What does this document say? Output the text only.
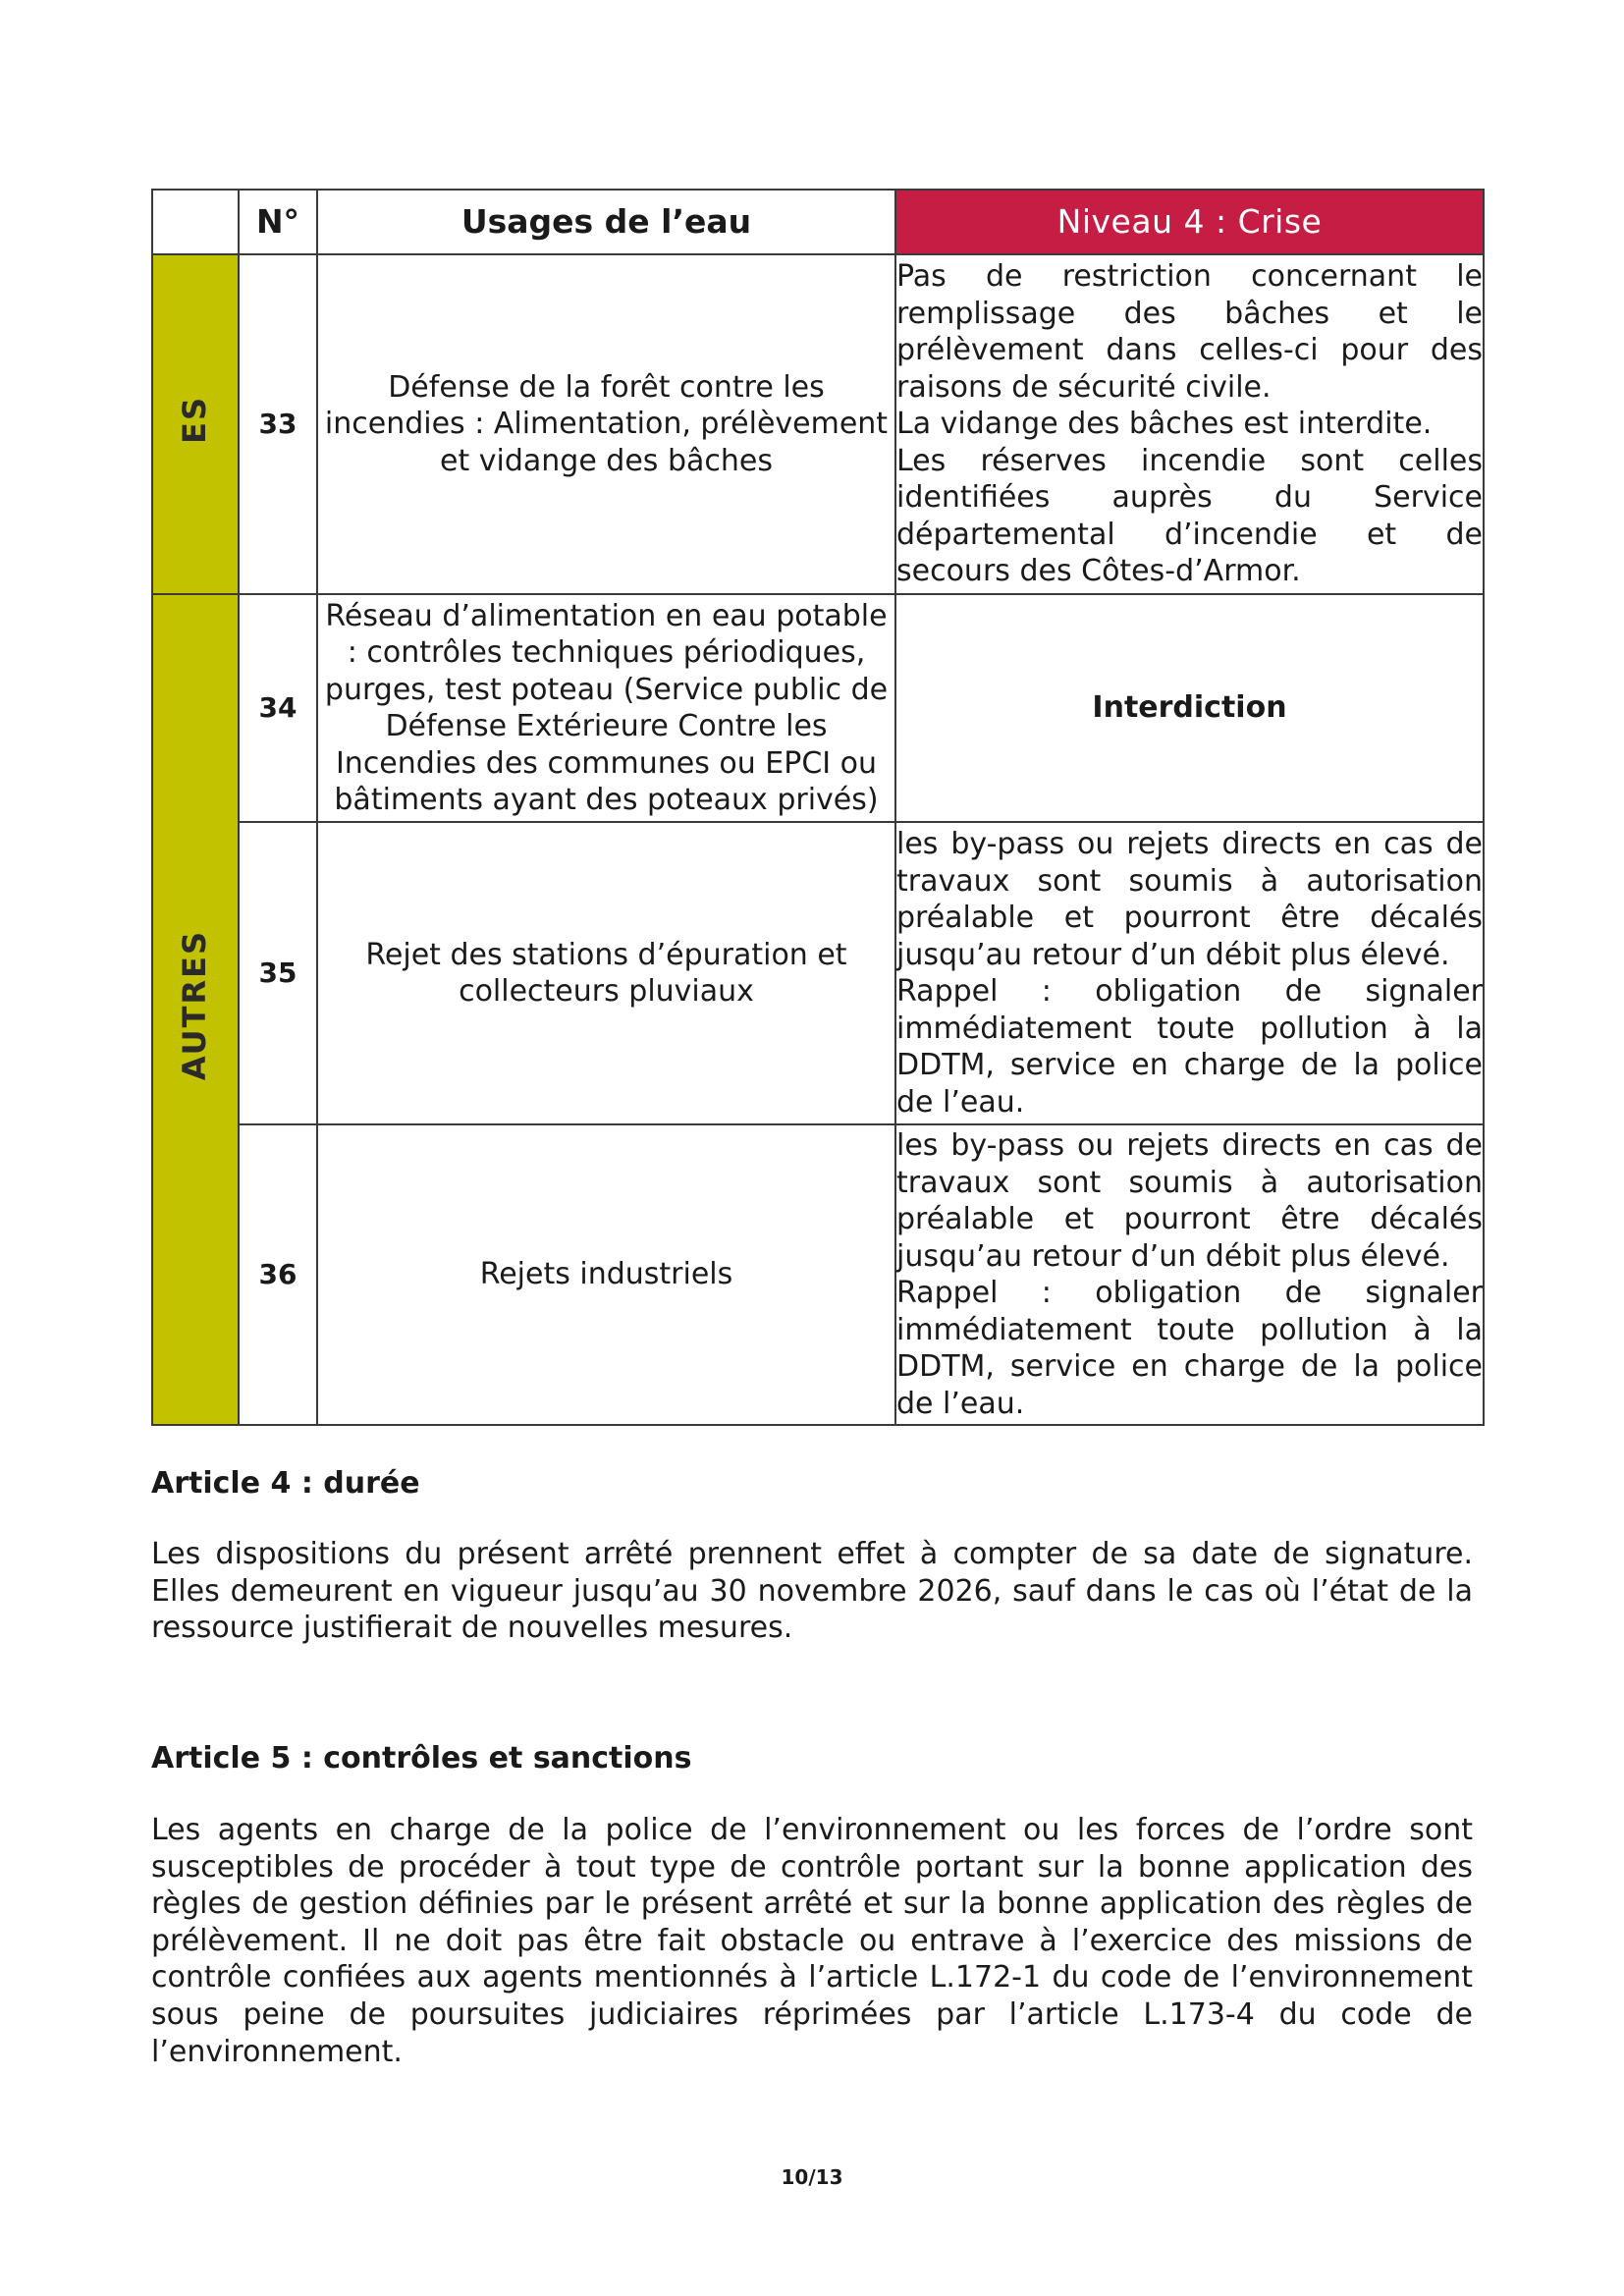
	N°	Usages de l’eau	Niveau 4 : Crise
ES	33	Défense de la forêt contre les incendies : Alimentation, prélèvement et vidange des bâches	Pas de restriction concernant le remplissage des bâches et le prélèvement dans celles-ci pour des raisons de sécurité civile.

La vidange des bâches est interdite.

Les réserves incendie sont celles identifiées auprès du Service départemental d’incendie et de secours des Côtes-d’Armor.

AUTRES	34	Réseau d’alimentation en eau potable : contrôles techniques périodiques, purges, test poteau (Service public de Défense Extérieure Contre les Incendies des communes ou EPCI ou bâtiments ayant des poteaux privés)	Interdiction
	35	Rejet des stations d’épuration et collecteurs pluviaux	les by-pass ou rejets directs en cas de travaux sont soumis à autorisation préalable et pourront être décalés jusqu’au retour d’un débit plus élevé.

Rappel : obligation de signaler immédiatement toute pollution à la DDTM, service en charge de la police de l’eau.

	36	Rejets industriels	les by-pass ou rejets directs en cas de travaux sont soumis à autorisation préalable et pourront être décalés jusqu’au retour d’un débit plus élevé.

Rappel : obligation de signaler immédiatement toute pollution à la DDTM, service en charge de la police de l’eau.

Article 4 : durée

Les dispositions du présent arrêté prennent effet à compter de sa date de signature. Elles demeurent en vigueur jusqu’au 30 novembre 2026, sauf dans le cas où l’état de la ressource justifierait de nouvelles mesures.

Article 5 : contrôles et sanctions

Les agents en charge de la police de l’environnement ou les forces de l’ordre sont susceptibles de procéder à tout type de contrôle portant sur la bonne application des règles de gestion définies par le présent arrêté et sur la bonne application des règles de prélèvement. Il ne doit pas être fait obstacle ou entrave à l’exercice des missions de contrôle confiées aux agents mentionnés à l’article L.172-1 du code de l’environnement sous peine de poursuites judiciaires réprimées par l’article L.173-4 du code de l’environnement.

10/13
